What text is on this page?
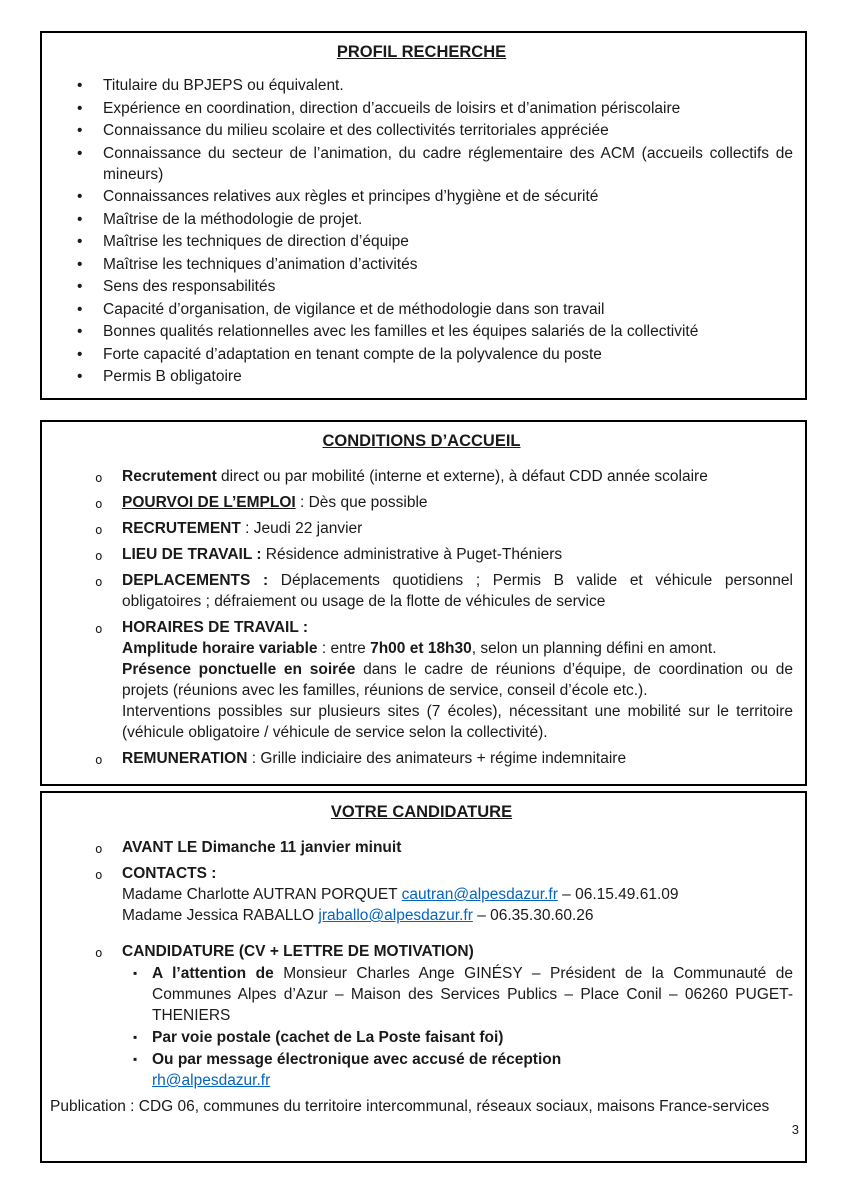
PROFIL RECHERCHE
• Titulaire du BPJEPS ou équivalent.
• Expérience en coordination, direction d’accueils de loisirs et d’animation périscolaire
• Connaissance du milieu scolaire et des collectivités territoriales appréciée
• Connaissance du secteur de l’animation, du cadre réglementaire des ACM (accueils collectifs de mineurs)
• Connaissances relatives aux règles et principes d’hygiène et de sécurité
• Maîtrise de la méthodologie de projet.
• Maîtrise les techniques de direction d’équipe
• Maîtrise les techniques d’animation d’activités
• Sens des responsabilités
• Capacité d’organisation, de vigilance et de méthodologie dans son travail
• Bonnes qualités relationnelles avec les familles et les équipes salariés de la collectivité
• Forte capacité d’adaptation en tenant compte de la polyvalence du poste
• Permis B obligatoire
CONDITIONS D’ACCUEIL
o Recrutement direct ou par mobilité (interne et externe), à défaut CDD année scolaire
o POURVOI DE L’EMPLOI : Dès que possible
o RECRUTEMENT : Jeudi 22 janvier
o LIEU DE TRAVAIL : Résidence administrative à Puget-Théniers
o DEPLACEMENTS : Déplacements quotidiens ; Permis B valide et véhicule personnel obligatoires ; défraiement ou usage de la flotte de véhicules de service
o HORAIRES DE TRAVAIL :
Amplitude horaire variable : entre 7h00 et 18h30, selon un planning défini en amont.
Présence ponctuelle en soirée dans le cadre de réunions d’équipe, de coordination ou de projets (réunions avec les familles, réunions de service, conseil d’école etc.).
Interventions possibles sur plusieurs sites (7 écoles), nécessitant une mobilité sur le territoire (véhicule obligatoire / véhicule de service selon la collectivité).
o REMUNERATION : Grille indiciaire des animateurs + régime indemnitaire
VOTRE CANDIDATURE
o AVANT LE Dimanche 11 janvier minuit
o CONTACTS :
Madame Charlotte AUTRAN PORQUET cautran@alpesdazur.fr – 06.15.49.61.09
Madame Jessica RABALLO jraballo@alpesdazur.fr – 06.35.30.60.26
o CANDIDATURE (CV + LETTRE DE MOTIVATION)
▪ A l’attention de Monsieur Charles Ange GINÉSY – Président de la Communauté de Communes Alpes d’Azur – Maison des Services Publics – Place Conil – 06260 PUGET-THENIERS
▪ Par voie postale (cachet de La Poste faisant foi)
▪ Ou par message électronique avec accusé de réception
rh@alpesdazur.fr

Publication : CDG 06, communes du territoire intercommunal, réseaux sociaux, maisons France-services

3
